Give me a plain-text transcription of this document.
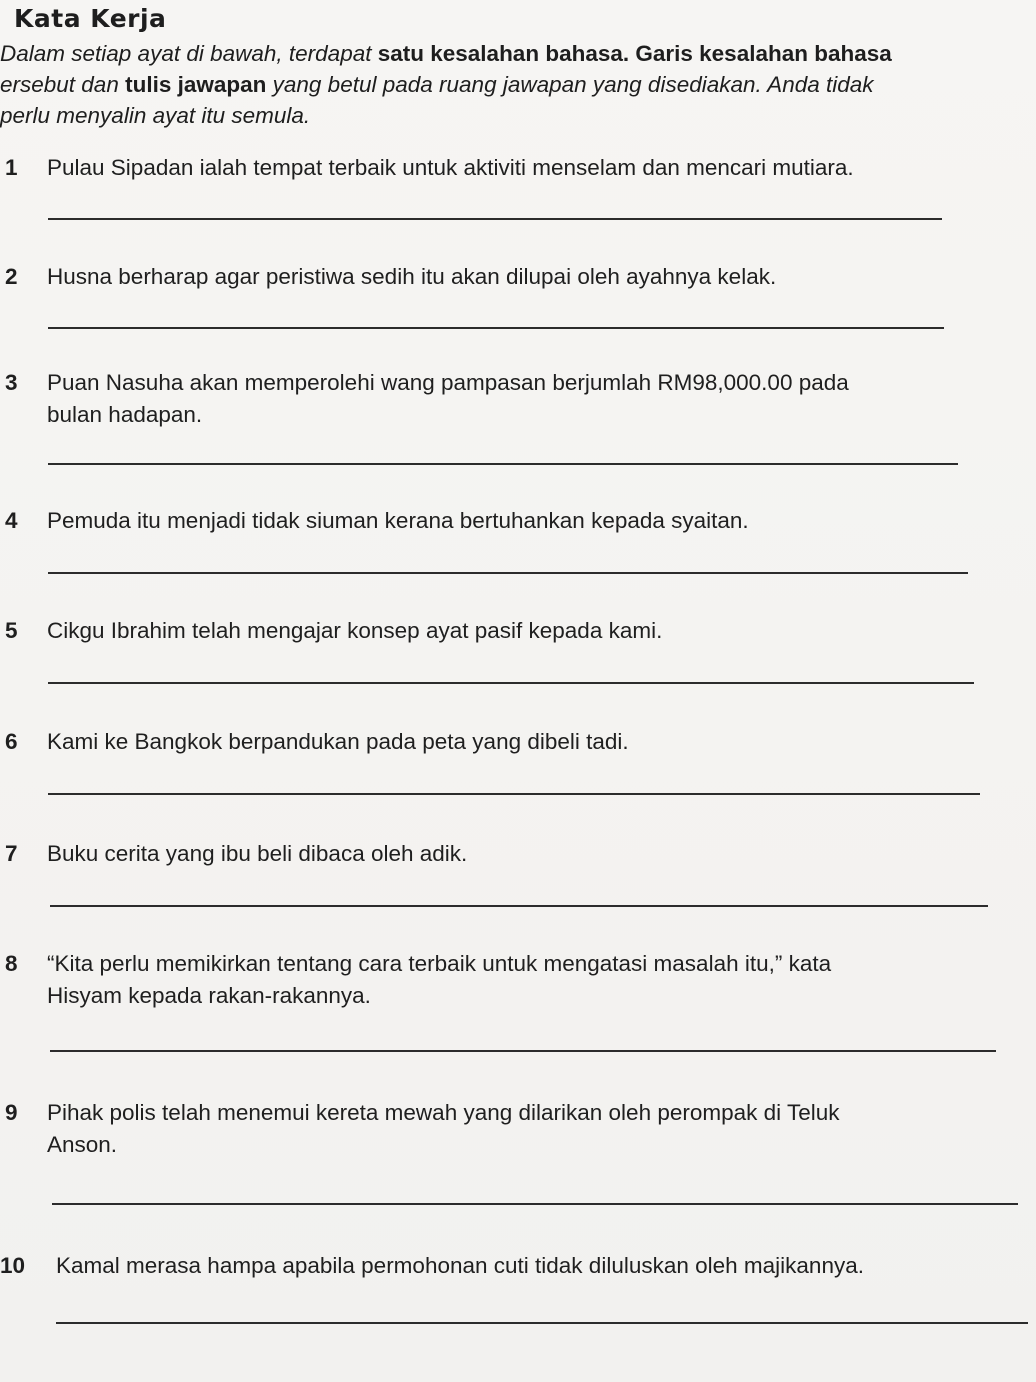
Kata Kerja
Dalam setiap ayat di bawah, terdapat satu kesalahan bahasa. Garis kesalahan bahasa
ersebut dan tulis jawapan yang betul pada ruang jawapan yang disediakan. Anda tidak
perlu menyalin ayat itu semula.
1 Pulau Sipadan ialah tempat terbaik untuk aktiviti menselam dan mencari mutiara.
2 Husna berharap agar peristiwa sedih itu akan dilupai oleh ayahnya kelak.
3 Puan Nasuha akan memperolehi wang pampasan berjumlah RM98,000.00 pada
bulan hadapan.
4 Pemuda itu menjadi tidak siuman kerana bertuhankan kepada syaitan.
5 Cikgu Ibrahim telah mengajar konsep ayat pasif kepada kami.
6 Kami ke Bangkok berpandukan pada peta yang dibeli tadi.
7 Buku cerita yang ibu beli dibaca oleh adik.
8 “Kita perlu memikirkan tentang cara terbaik untuk mengatasi masalah itu,” kata
Hisyam kepada rakan-rakannya.
9 Pihak polis telah menemui kereta mewah yang dilarikan oleh perompak di Teluk
Anson.
10 Kamal merasa hampa apabila permohonan cuti tidak diluluskan oleh majikannya.
